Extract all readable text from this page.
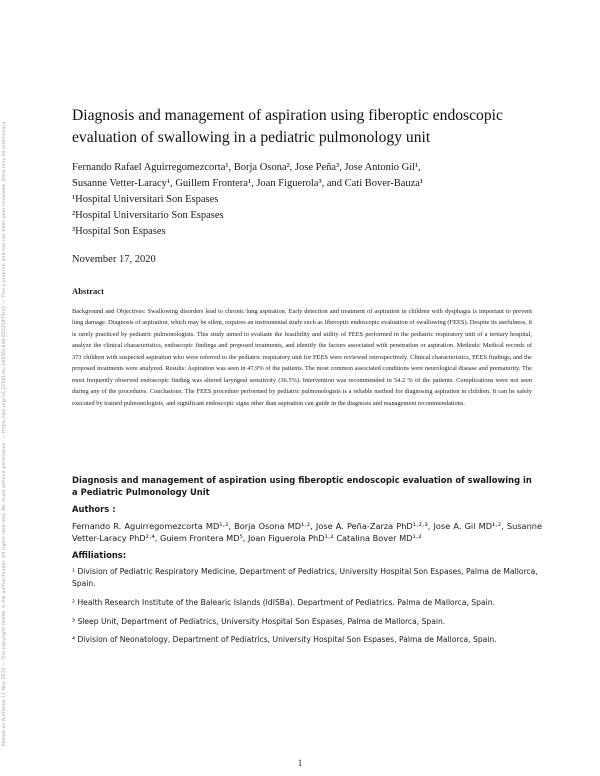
Posted on Authorea 17 Nov 2020 — The copyright holder is the author/funder. All rights reserved. No reuse without permission. — https://doi.org/10.22541/au.160561838.85521975/v1 — This a preprint and has not been peer reviewed. Data may be preliminary.
Diagnosis and management of aspiration using fiberoptic endoscopic evaluation of swallowing in a pediatric pulmonology unit
Fernando Rafael Aguirregomezcorta¹, Borja Osona², Jose Peña³, Jose Antonio Gil¹,
Susanne Vetter-Laracy¹, Guillem Frontera¹, Joan Figuerola³, and Cati Bover-Bauza¹
¹Hospital Universitari Son Espases
²Hospital Universitario Son Espases
³Hospital Son Espases
November 17, 2020
Abstract
Background and Objectives: Swallowing disorders lead to chronic lung aspiration. Early detection and treatment of aspiration in children with dysphagia is important to prevent lung damage. Diagnosis of aspiration, which may be silent, requires an instrumental study such as fiberoptic endoscopic evaluation of swallowing (FEES). Despite its usefulness, it is rarely practiced by pediatric pulmonologists. This study aimed to evaluate the feasibility and utility of FEES performed in the pediatric respiratory unit of a tertiary hospital, analyze the clinical characteristics, endoscopic findings and proposed treatments, and identify the factors associated with penetration or aspiration. Methods: Medical records of 373 children with suspected aspiration who were referred to the pediatric respiratory unit for FEES were reviewed retrospectively. Clinical characteristics, FEES findings, and the proposed treatments were analyzed. Results: Aspiration was seen in 47.9% of the patients. The most common associated conditions were neurological disease and prematurity. The most frequently observed endoscopic finding was altered laryngeal sensitivity (36.5%). Intervention was recommended in 54.2 % of the patients. Complications were not seen during any of the procedures. Conclusions: The FEES procedure performed by pediatric pulmonologists is a reliable method for diagnosing aspiration in children. It can be safely executed by trained pulmonologists, and significant endoscopic signs other than aspiration can guide in the diagnosis and management recommendations.
Diagnosis and management of aspiration using fiberoptic endoscopic evaluation of swallowing in a Pediatric Pulmonology Unit
Authors :
Fernando R. Aguirregomezcorta MD¹·², Borja Osona MD¹·², Jose A. Peña-Zarza PhD¹·²·³, Jose A. Gil MD¹·², Susanne Vetter-Laracy PhD²·⁴, Guiem Frontera MD⁵, Joan Figuerola PhD¹·² Catalina Bover MD¹·²
Affiliations:

¹ Division of Pediatric Respiratory Medicine, Department of Pediatrics, University Hospital Son Espases, Palma de Mallorca, Spain.

² Health Research Institute of the Balearic Islands (IdISBa). Department of Pediatrics. Palma de Mallorca, Spain.

³ Sleep Unit, Department of Pediatrics, University Hospital Son Espases, Palma de Mallorca, Spain.

⁴ Division of Neonatology, Department of Pediatrics, University Hospital Son Espases, Palma de Mallorca, Spain.

1
